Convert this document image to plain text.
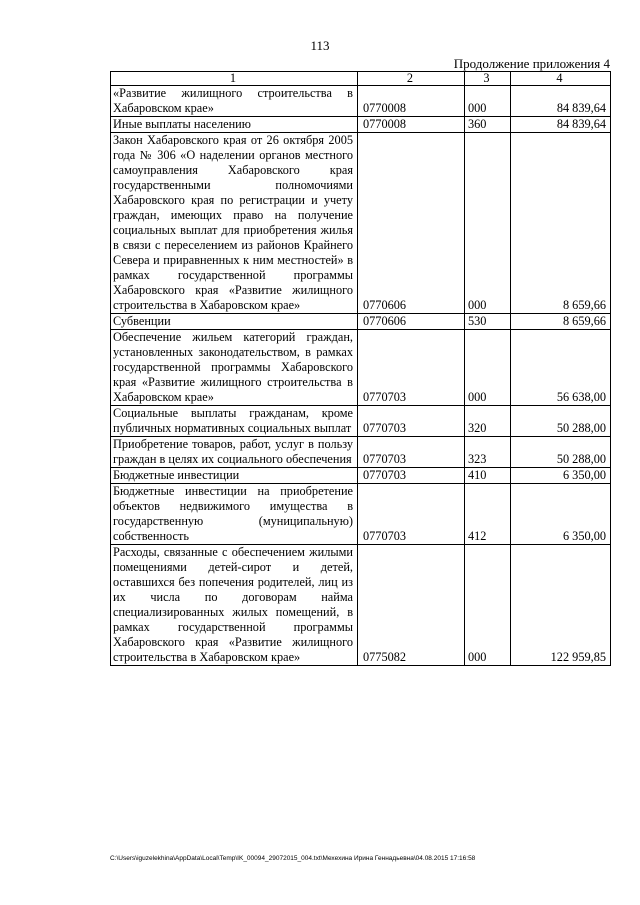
113
Продолжение приложения 4
1	2	3	4
«Развитие жилищного строительства в Хабаровском крае»	0770008	000	84 839,64
Иные выплаты населению	0770008	360	84 839,64
Закон Хабаровского края от 26 октября 2005 года № 306 «О наделении органов местного самоуправления Хабаровского края государственными полномочиями Хабаровского края по регистрации и учету граждан, имеющих право на получение социальных выплат для приобретения жилья в связи с переселением из районов Крайнего Севера и приравненных к ним местностей» в рамках государственной программы Хабаровского края «Развитие жилищного строительства в Хабаровском крае»	0770606	000	8 659,66
Субвенции	0770606	530	8 659,66
Обеспечение жильем категорий граждан, установленных законодательством, в рамках государственной программы Хабаровского края «Развитие жилищного строительства в Хабаровском крае»	0770703	000	56 638,00
Социальные выплаты гражданам, кроме публичных нормативных социальных выплат	0770703	320	50 288,00
Приобретение товаров, работ, услуг в пользу граждан в целях их социального обеспечения	0770703	323	50 288,00
Бюджетные инвестиции	0770703	410	6 350,00
Бюджетные инвестиции на приобретение объектов недвижимого имущества в государственную (муниципальную) собственность	0770703	412	6 350,00
Расходы, связанные с обеспечением жилыми помещениями детей-сирот и детей, оставшихся без попечения родителей, лиц из их числа по договорам найма специализированных жилых помещений, в рамках государственной программы Хабаровского края «Развитие жилищного строительства в Хабаровском крае»	0775082	000	122 959,85
C:\Users\iguzelekhina\AppData\Local\Temp\IK_00094_29072015_004.txt\Мехехина Ирина Геннадьевна\04.08.2015 17:16:58
